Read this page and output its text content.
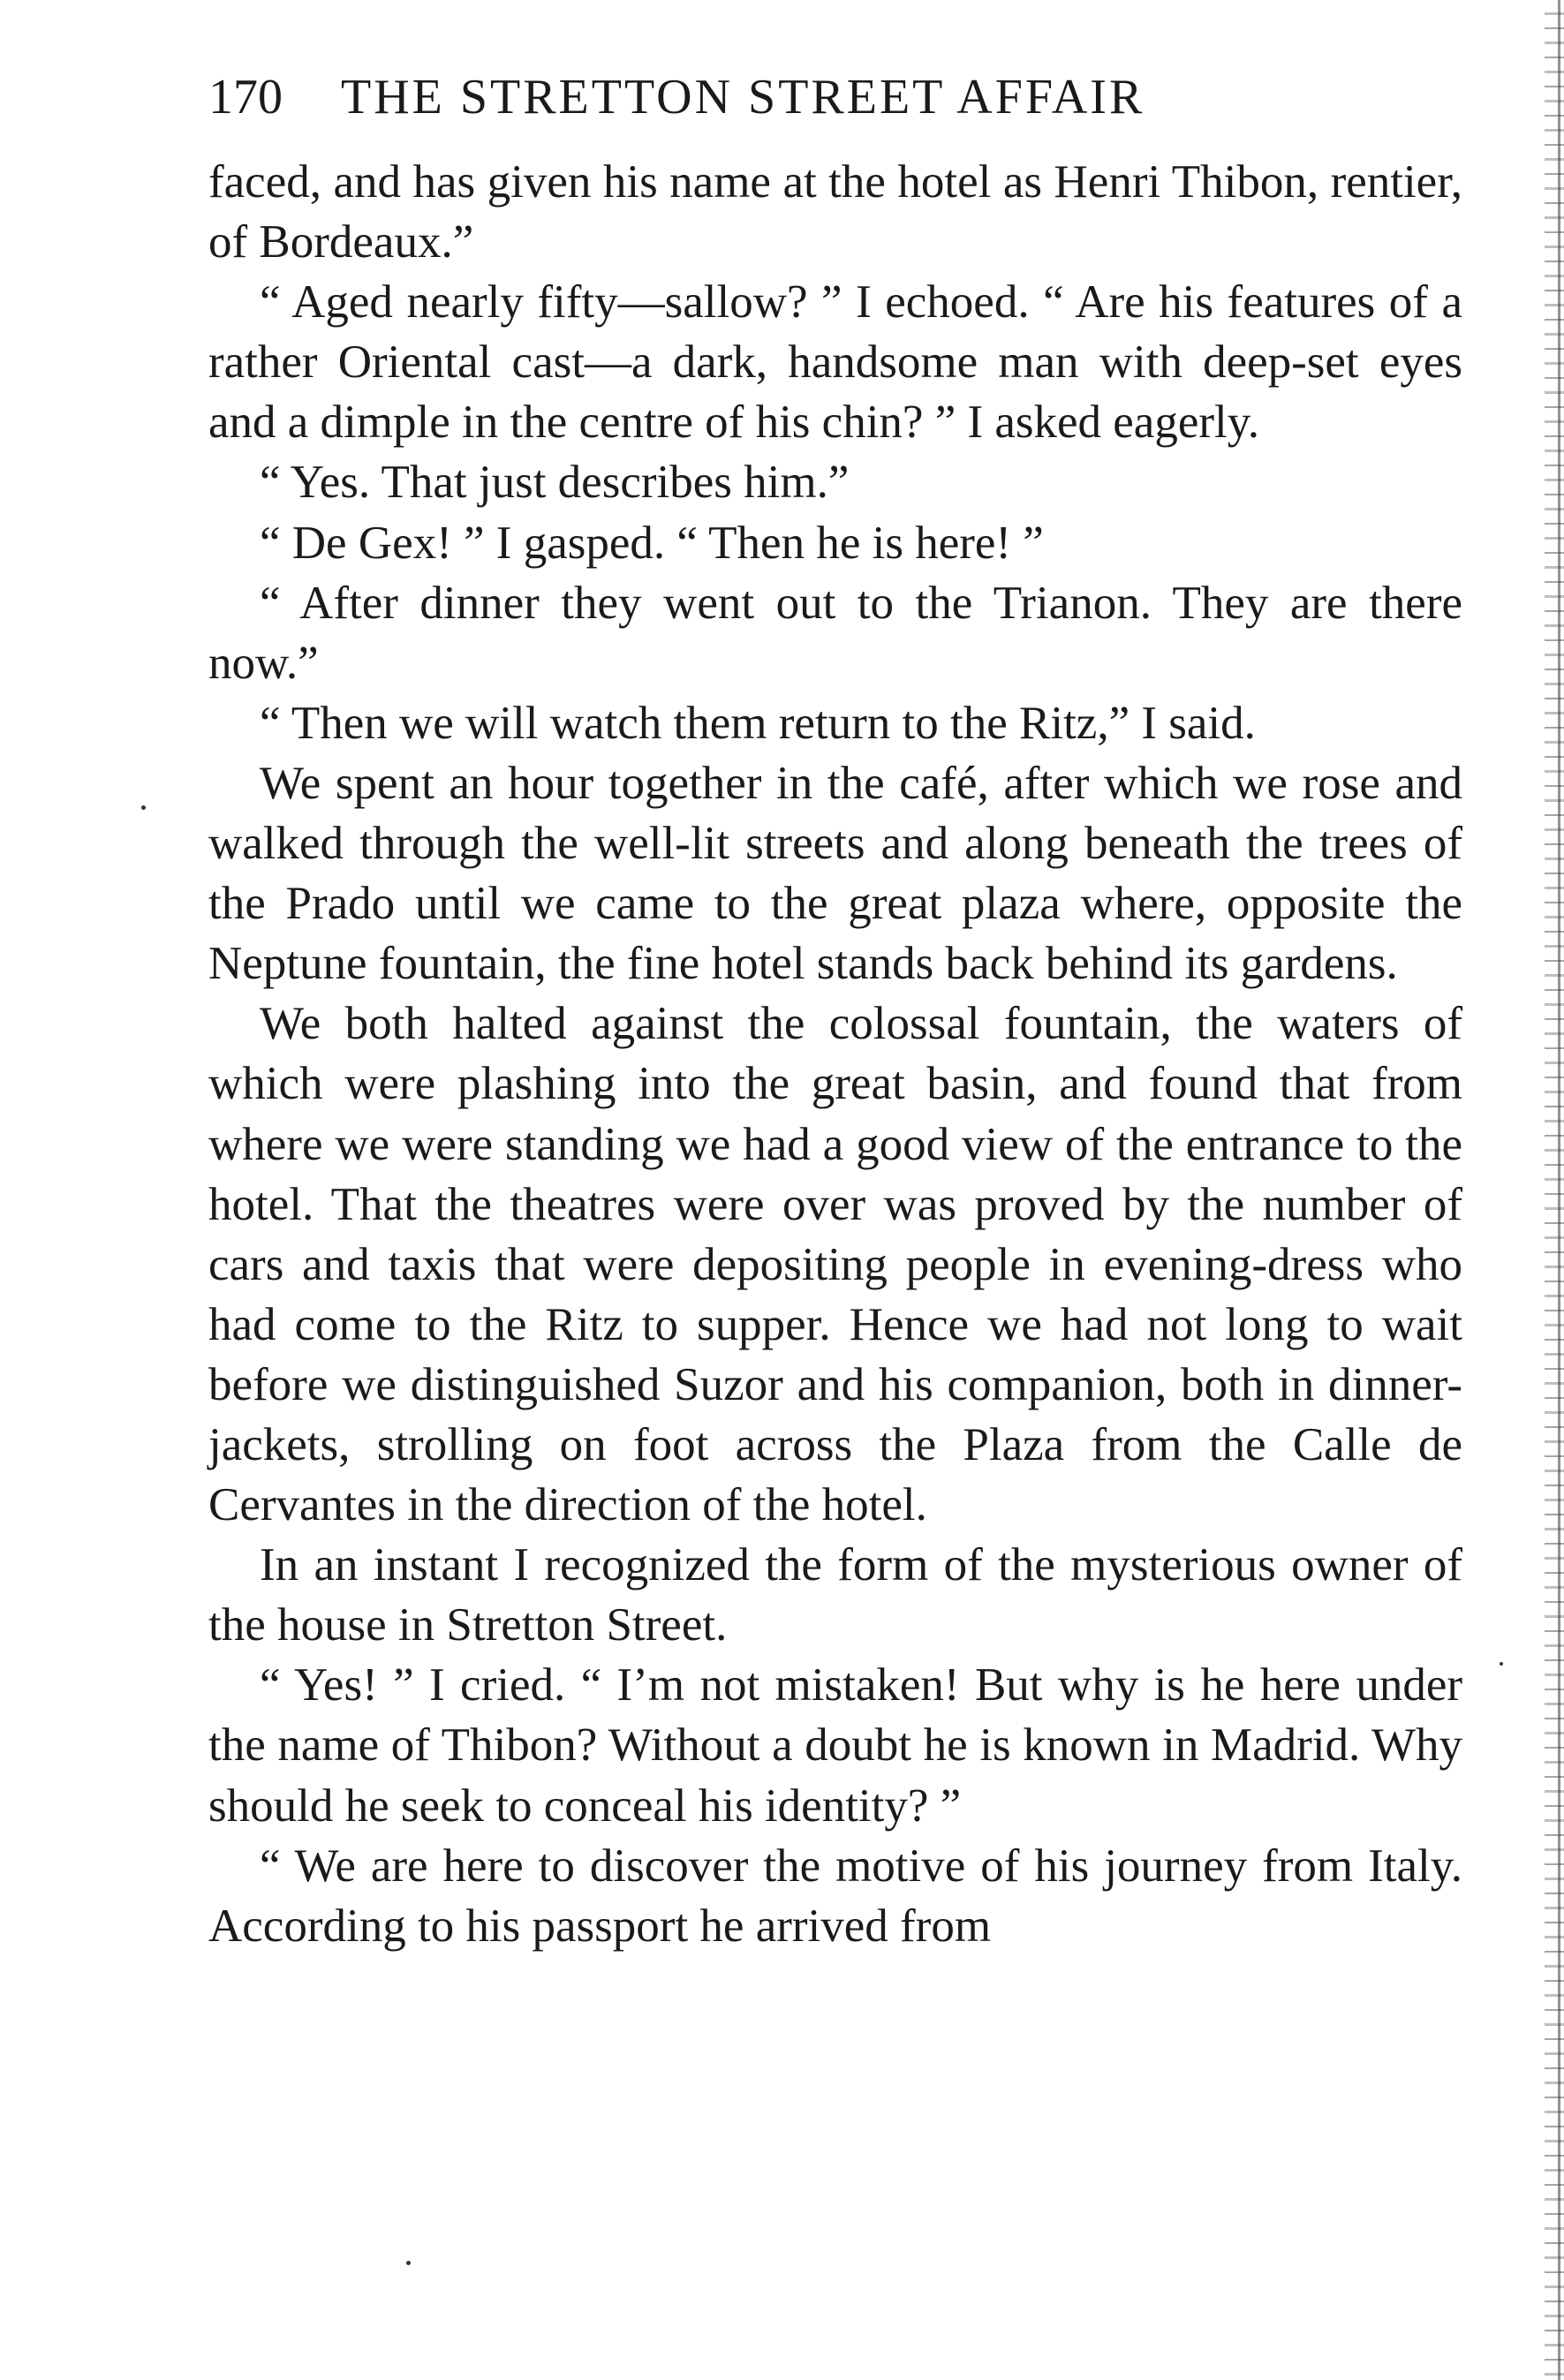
170 THE STRETTON STREET AFFAIR

faced, and has given his name at the hotel as Henri Thibon, rentier, of Bordeaux.”

“ Aged nearly fifty—sallow? ” I echoed. “ Are his features of a rather Oriental cast—a dark, handsome man with deep-set eyes and a dimple in the centre of his chin? ” I asked eagerly.

“ Yes. That just describes him.”

“ De Gex! ” I gasped. “ Then he is here! ”

“ After dinner they went out to the Trianon. They are there now.”

“ Then we will watch them return to the Ritz,” I said.

We spent an hour together in the café, after which we rose and walked through the well-lit streets and along beneath the trees of the Prado until we came to the great plaza where, opposite the Neptune fountain, the fine hotel stands back behind its gardens.

We both halted against the colossal fountain, the waters of which were plashing into the great basin, and found that from where we were standing we had a good view of the entrance to the hotel. That the theatres were over was proved by the number of cars and taxis that were depositing people in evening-dress who had come to the Ritz to supper. Hence we had not long to wait before we distinguished Suzor and his companion, both in dinner-jackets, strolling on foot across the Plaza from the Calle de Cervantes in the direction of the hotel.

In an instant I recognized the form of the mysterious owner of the house in Stretton Street.

“ Yes! ” I cried. “ I’m not mistaken! But why is he here under the name of Thibon? Without a doubt he is known in Madrid. Why should he seek to conceal his identity? ”

“ We are here to discover the motive of his journey from Italy. According to his passport he arrived from
